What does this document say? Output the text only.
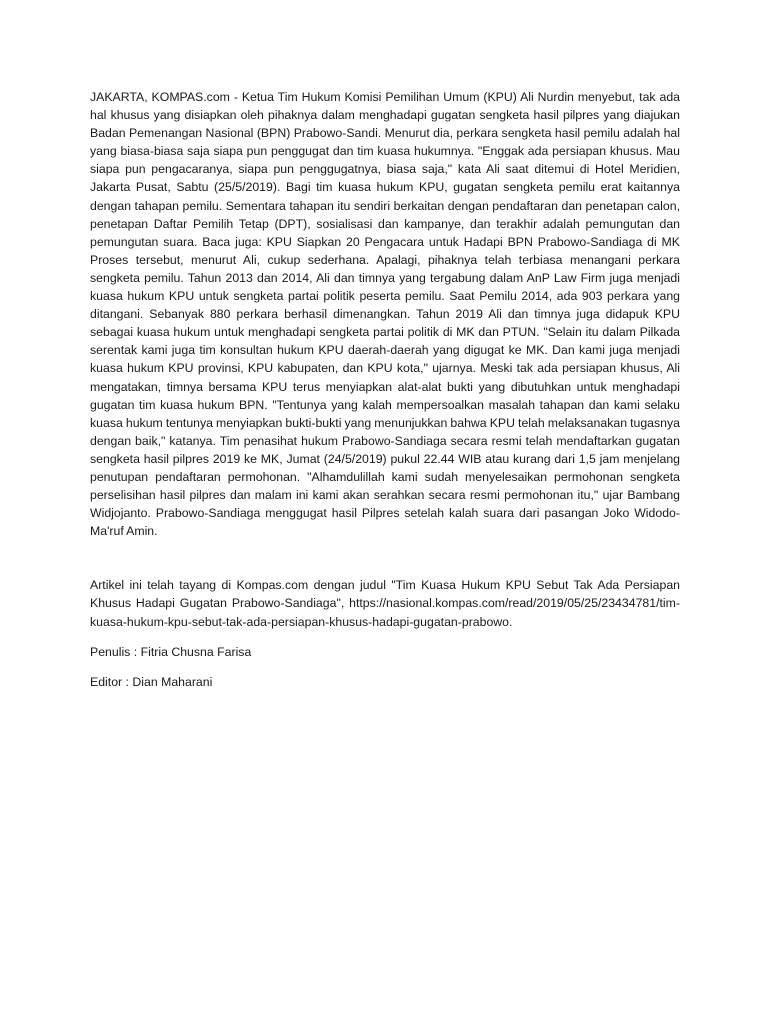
JAKARTA, KOMPAS.com - Ketua Tim Hukum Komisi Pemilihan Umum (KPU) Ali Nurdin menyebut, tak ada hal khusus yang disiapkan oleh pihaknya dalam menghadapi gugatan sengketa hasil pilpres yang diajukan Badan Pemenangan Nasional (BPN) Prabowo-Sandi. Menurut dia, perkara sengketa hasil pemilu adalah hal yang biasa-biasa saja siapa pun penggugat dan tim kuasa hukumnya. "Enggak ada persiapan khusus. Mau siapa pun pengacaranya, siapa pun penggugatnya, biasa saja," kata Ali saat ditemui di Hotel Meridien, Jakarta Pusat, Sabtu (25/5/2019). Bagi tim kuasa hukum KPU, gugatan sengketa pemilu erat kaitannya dengan tahapan pemilu. Sementara tahapan itu sendiri berkaitan dengan pendaftaran dan penetapan calon, penetapan Daftar Pemilih Tetap (DPT), sosialisasi dan kampanye, dan terakhir adalah pemungutan dan pemungutan suara. Baca juga: KPU Siapkan 20 Pengacara untuk Hadapi BPN Prabowo-Sandiaga di MK Proses tersebut, menurut Ali, cukup sederhana. Apalagi, pihaknya telah terbiasa menangani perkara sengketa pemilu. Tahun 2013 dan 2014, Ali dan timnya yang tergabung dalam AnP Law Firm juga menjadi kuasa hukum KPU untuk sengketa partai politik peserta pemilu. Saat Pemilu 2014, ada 903 perkara yang ditangani. Sebanyak 880 perkara berhasil dimenangkan. Tahun 2019 Ali dan timnya juga didapuk KPU sebagai kuasa hukum untuk menghadapi sengketa partai politik di MK dan PTUN. "Selain itu dalam Pilkada serentak kami juga tim konsultan hukum KPU daerah-daerah yang digugat ke MK. Dan kami juga menjadi kuasa hukum KPU provinsi, KPU kabupaten, dan KPU kota," ujarnya. Meski tak ada persiapan khusus, Ali mengatakan, timnya bersama KPU terus menyiapkan alat-alat bukti yang dibutuhkan untuk menghadapi gugatan tim kuasa hukum BPN. "Tentunya yang kalah mempersoalkan masalah tahapan dan kami selaku kuasa hukum tentunya menyiapkan bukti-bukti yang menunjukkan bahwa KPU telah melaksanakan tugasnya dengan baik," katanya. Tim penasihat hukum Prabowo-Sandiaga secara resmi telah mendaftarkan gugatan sengketa hasil pilpres 2019 ke MK, Jumat (24/5/2019) pukul 22.44 WIB atau kurang dari 1,5 jam menjelang penutupan pendaftaran permohonan. "Alhamdulillah kami sudah menyelesaikan permohonan sengketa perselisihan hasil pilpres dan malam ini kami akan serahkan secara resmi permohonan itu," ujar Bambang Widjojanto. Prabowo-Sandiaga menggugat hasil Pilpres setelah kalah suara dari pasangan Joko Widodo-Ma'ruf Amin.

Artikel ini telah tayang di Kompas.com dengan judul "Tim Kuasa Hukum KPU Sebut Tak Ada Persiapan Khusus Hadapi Gugatan Prabowo-Sandiaga", https://nasional.kompas.com/read/2019/05/25/23434781/tim-kuasa-hukum-kpu-sebut-tak-ada-persiapan-khusus-hadapi-gugatan-prabowo.

Penulis : Fitria Chusna Farisa

Editor : Dian Maharani
